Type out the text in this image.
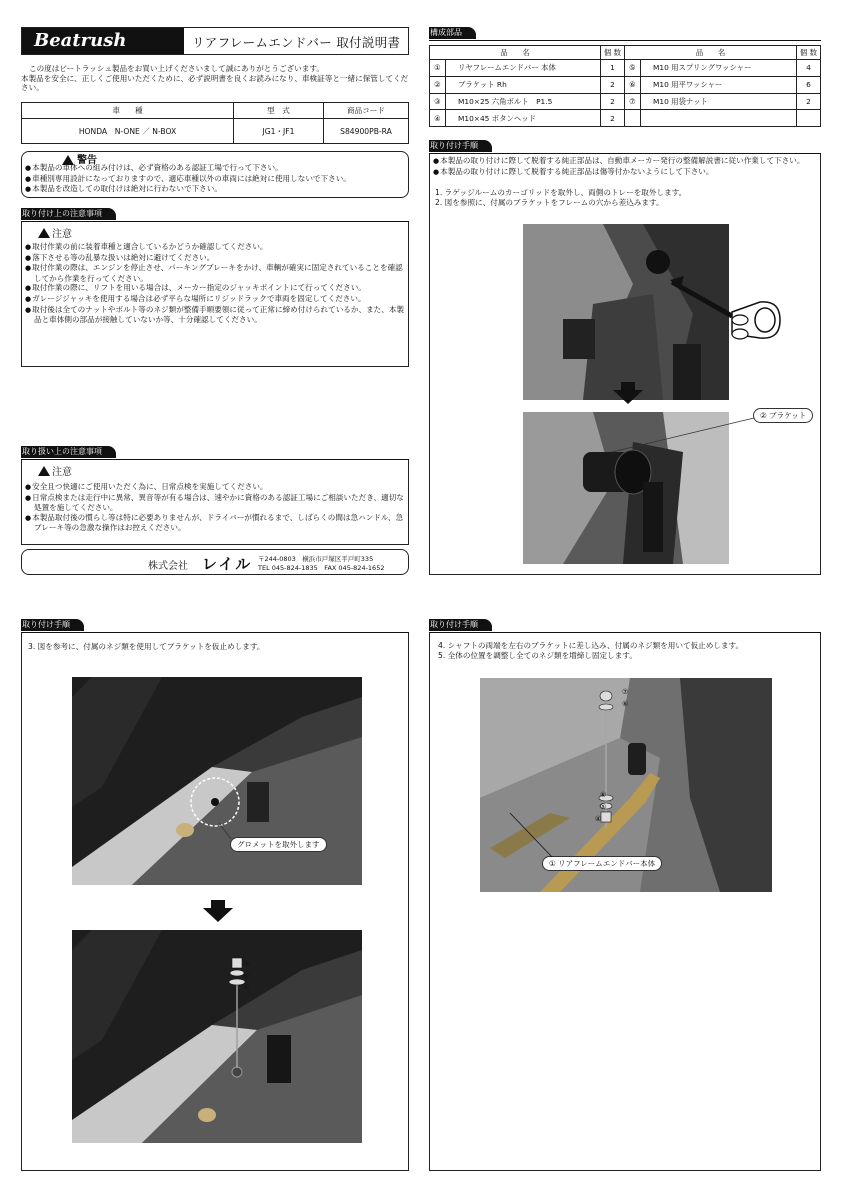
Beatrush	リアフレームエンドバー 取付説明書
この度はビートラッシュ製品をお買い上げくださいまして誠にありがとうございます。
本製品を安全に、正しくご使用いただくために、必ず説明書を良くお読みになり、車検証等と一緒に保管してください。
車　　種	型　式	商品コード
HONDA　N-ONE ／ N-BOX	JG1・JF1	S84900PB-RA
警告
● 本製品の車体への組み付けは、必ず資格のある認証工場で行って下さい。
● 車種別専用設計になっておりますので、適応車種以外の車両には絶対に使用しないで下さい。
● 本製品を改造しての取付けは絶対に行わないで下さい。
取り付け上の注意事項
注意
● 取付作業の前に装着車種と適合しているかどうか確認してください。
● 落下させる等の乱暴な扱いは絶対に避けてください。
● 取付作業の際は、エンジンを停止させ、パーキングブレーキをかけ、車輌が確実に固定されていることを確認してから作業を行ってください。
● 取付作業の際に、リフトを用いる場合は、メーカー指定のジャッキポイントにて行ってください。
● ガレージジャッキを使用する場合は必ず平らな場所にリジッドラックで車両を固定してください。
● 取付後は全てのナットやボルト等のネジ類が整備手順要領に従って正常に締め付けられているか、また、本製品と車体側の部品が接触していないか等、十分確認してください。
取り扱い上の注意事項
注意
● 安全且つ快適にご使用いただく為に、日常点検を実施してください。
● 日常点検または走行中に異常、異音等が有る場合は、速やかに資格のある認証工場にご相談いただき、適切な処置を施してください。
● 本製品取付後の慣らし等は特に必要ありませんが、ドライバーが慣れるまで、しばらくの間は急ハンドル、急ブレーキ等の急激な操作はお控えください。
株式会社 レイル 〒244-0803　横浜市戸塚区平戸町335
TEL 045-824-1835　FAX 045-824-1652
構成部品
品　　名		個 数	品　　名		個 数
①	リヤフレームエンドバー 本体	1	⑤	M10 用スプリングワッシャー	4
②	ブラケット Rh	2	⑥	M10 用平ワッシャー	6
③	M10×25 六角ボルト　P1.5	2	⑦	M10 用袋ナット	2
④	M10×45 ボタンヘッド	2			
取り付け手順
● 本製品の取り付けに際して脱着する純正部品は、自動車メーカー発行の整備解説書に従い作業して下さい。
● 本製品の取り付けに際して脱着する純正部品は傷等付かないようにして下さい。
1. ラゲッジルームのカーゴリッドを取外し、両側のトレーを取外します。
2. 図を参照に、付属のブラケットをフレームの穴から差込みます。
② ブラケット
取り付け手順
3. 図を参考に、付属のネジ類を使用してブラケットを仮止めします。
グロメットを取外します
③
⑤
⑥
取り付け手順
4. シャフトの両端を左右のブラケットに差し込み、付属のネジ類を用いて仮止めします。
5. 全体の位置を調整し全てのネジ類を増締し固定します。
⑦
⑥
⑥
⑤
④
① リアフレームエンドバー本体
